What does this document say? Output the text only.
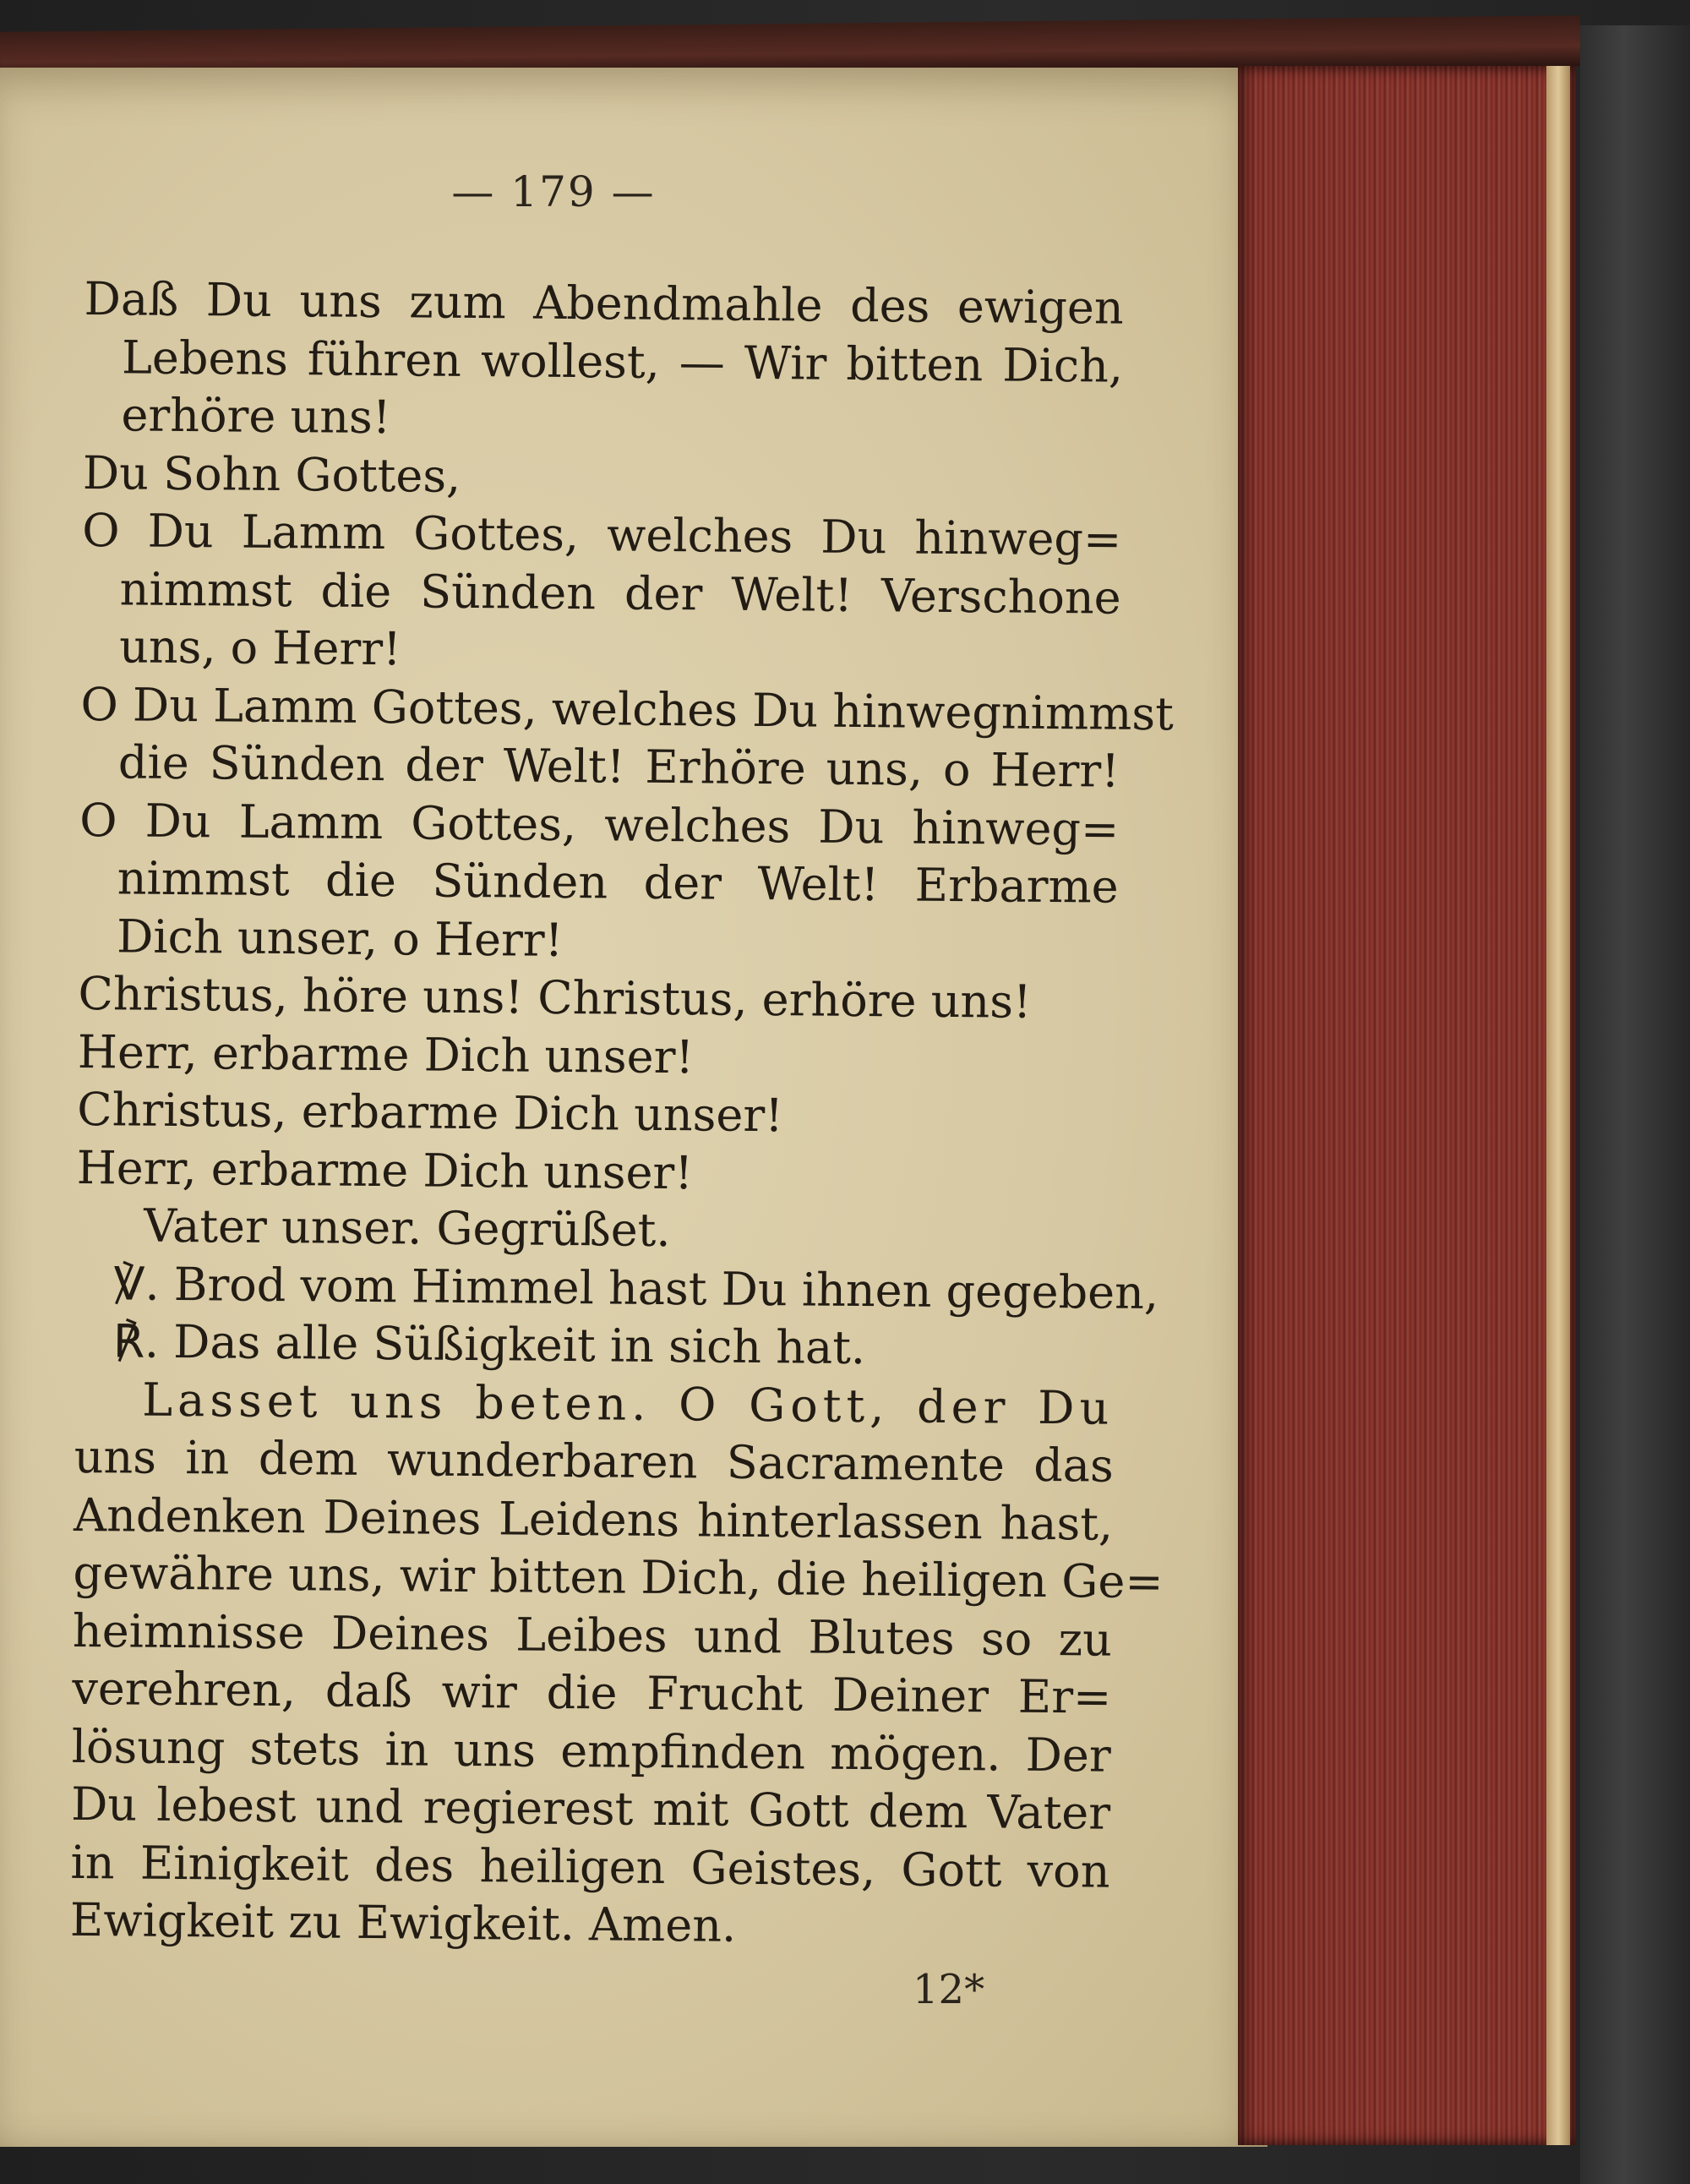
— 179 —
Daß Du uns zum Abendmahle des ewigen
Lebens führen wollest, — Wir bitten Dich,
erhöre uns!
Du Sohn Gottes,
O Du Lamm Gottes, welches Du hinweg=
nimmst die Sünden der Welt! Verschone
uns, o Herr!
O Du Lamm Gottes, welches Du hinwegnimmst
die Sünden der Welt! Erhöre uns, o Herr!
O Du Lamm Gottes, welches Du hinweg=
nimmst die Sünden der Welt! Erbarme
Dich unser, o Herr!
Christus, höre uns! Christus, erhöre uns!
Herr, erbarme Dich unser!
Christus, erbarme Dich unser!
Herr, erbarme Dich unser!
Vater unser. Gegrüßet.
℣. Brod vom Himmel hast Du ihnen gegeben,
℟. Das alle Süßigkeit in sich hat.
Lasset uns beten. O Gott, der Du
uns in dem wunderbaren Sacramente das
Andenken Deines Leidens hinterlassen hast,
gewähre uns, wir bitten Dich, die heiligen Ge=
heimnisse Deines Leibes und Blutes so zu
verehren, daß wir die Frucht Deiner Er=
lösung stets in uns empfinden mögen. Der
Du lebest und regierest mit Gott dem Vater
in Einigkeit des heiligen Geistes, Gott von
Ewigkeit zu Ewigkeit. Amen.
12*
